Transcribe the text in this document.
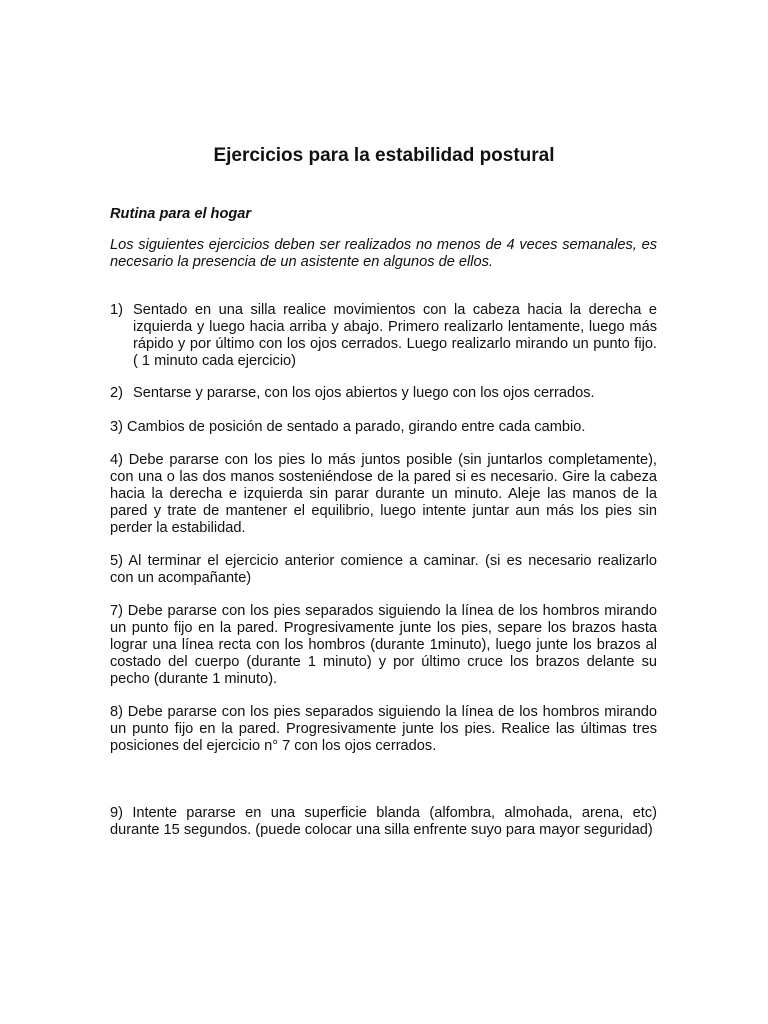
Ejercicios para la estabilidad postural
Rutina para el hogar
Los siguientes ejercicios deben ser realizados no menos de 4 veces semanales, es necesario la presencia de un asistente en algunos de ellos.
1) Sentado en una silla realice movimientos con la cabeza hacia la derecha e izquierda y luego hacia arriba y abajo. Primero realizarlo lentamente, luego más rápido y por último con los ojos cerrados. Luego realizarlo mirando un punto fijo. ( 1 minuto cada ejercicio)
2) Sentarse y pararse, con los ojos abiertos y luego con los ojos cerrados.
3) Cambios de posición de sentado a parado, girando entre cada cambio.
4) Debe pararse con los pies lo más juntos posible (sin juntarlos completamente), con una o las dos manos sosteniéndose de la pared si es necesario. Gire la cabeza hacia la derecha e izquierda sin parar durante un minuto. Aleje las manos de la pared y trate de mantener el equilibrio, luego intente juntar aun más los pies sin perder la estabilidad.
5) Al terminar el ejercicio anterior comience a caminar. (si es necesario realizarlo con un acompañante)
7) Debe pararse con los pies separados siguiendo la línea de los hombros mirando un punto fijo en la pared. Progresivamente junte los pies, separe los brazos hasta lograr una línea recta con los hombros (durante 1minuto), luego junte los brazos al costado del cuerpo (durante 1 minuto) y por último cruce los brazos delante su pecho (durante 1 minuto).
8) Debe pararse con los pies separados siguiendo la línea de los hombros mirando un punto fijo en la pared. Progresivamente junte los pies. Realice las últimas tres posiciones del ejercicio n° 7 con los ojos cerrados.
9) Intente pararse en una superficie blanda (alfombra, almohada, arena, etc) durante 15 segundos. (puede colocar una silla enfrente suyo para mayor seguridad)
